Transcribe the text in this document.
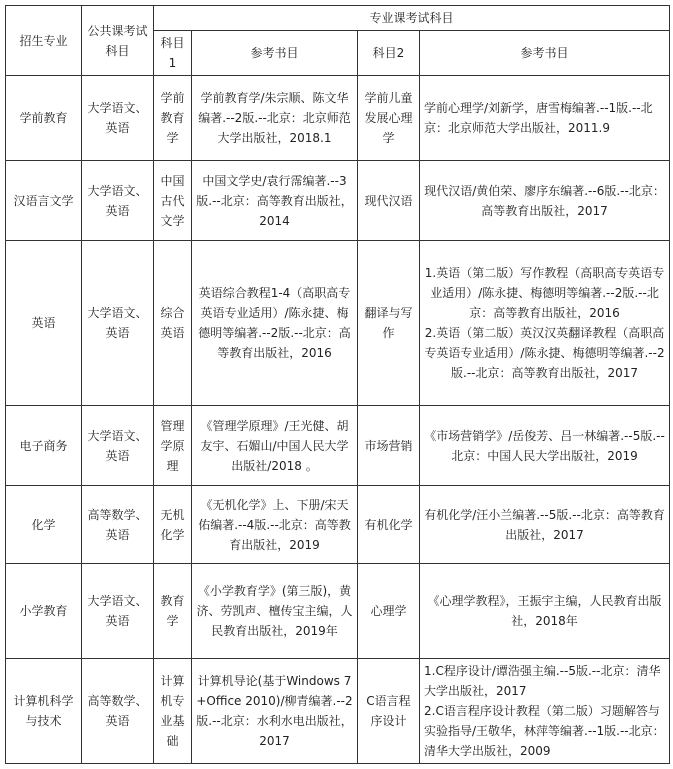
招生专业	公共课考试科目	专业课考试科目			
		科目1	参考书目	科目2	参考书目
学前教育	大学语文、英语	学前教育学	学前教育学/朱宗顺、陈文华编著.--2版.--北京：北京师范大学出版社，2018.1	学前儿童发展心理学	学前心理学/刘新学，唐雪梅编著.--1版.--北京：北京师范大学出版社，2011.9
汉语言文学	大学语文、英语	中国古代文学	中国文学史/袁行霈编著.--3版.--北京：高等教育出版社，2014	现代汉语	现代汉语/黄伯荣、廖序东编著.--6版.--北京：高等教育出版社，2017
英语	大学语文、英语	综合英语	英语综合教程1-4（高职高专英语专业适用）/陈永捷、梅德明等编著.--2版.--北京：高等教育出版社，2016	翻译与写作	1.英语（第二版）写作教程（高职高专英语专业适用）/陈永捷、梅德明等编著.--2版.--北京：高等教育出版社，2016
2.英语（第二版）英汉汉英翻译教程（高职高专英语专业适用）/陈永捷、梅德明等编著.--2版.--北京：高等教育出版社，2017
电子商务	大学语文、英语	管理学原理	《管理学原理》/王光健、胡友宇、石媚山/中国人民大学出版社/2018 。	市场营销	《市场营销学》/岳俊芳、吕一林编著.--5版.--北京：中国人民大学出版社，2019
化学	高等数学、英语	无机化学	《无机化学》上、下册/宋天佑编著.--4版.--北京：高等教育出版社，2019	有机化学	有机化学/汪小兰编著.--5版.--北京：高等教育出版社，2017
小学教育	大学语文、英语	教育学	《小学教育学》(第三版)，黄济、劳凯声、檀传宝主编，人民教育出版社，2019年	心理学	《心理学教程》，王振宇主编，人民教育出版社，2018年
计算机科学与技术	高等数学、英语	计算机专业基础	计算机导论(基于Windows 7+Office 2010)/柳青编著.--2版.--北京：水利水电出版社，2017	C语言程序设计	1.C程序设计/谭浩强主编.--5版.--北京：清华大学出版社，2017
2.C语言程序设计教程（第二版）习题解答与实验指导/王敬华，林萍等编著.--1版.--北京：清华大学出版社，2009
